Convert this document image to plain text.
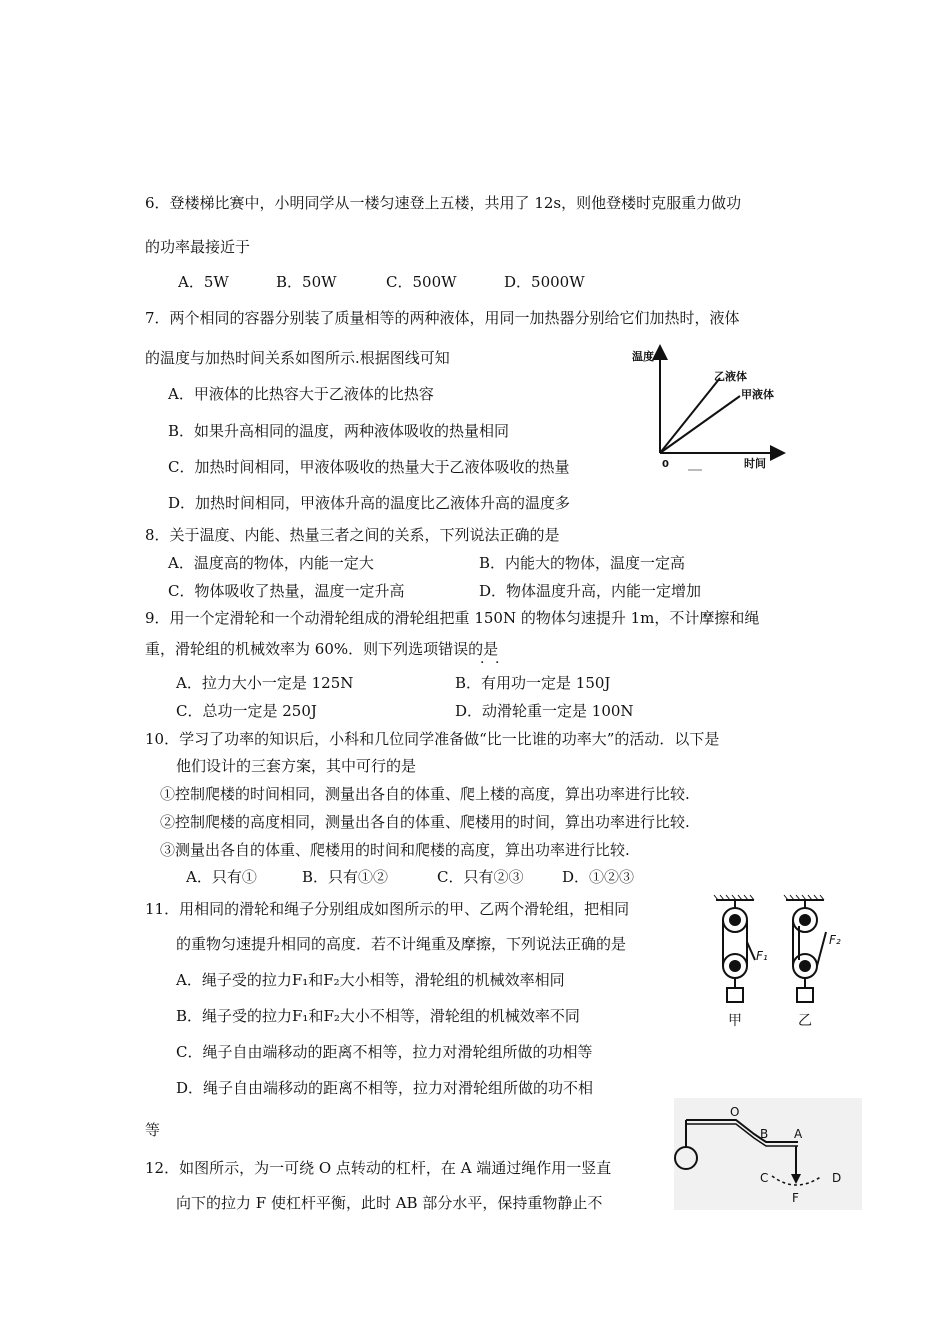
6．登楼梯比赛中，小明同学从一楼匀速登上五楼，共用了 12s，则他登楼时克服重力做功
的功率最接近于
A．5W	B．50W	C．500W	D．5000W
7．两个相同的容器分别装了质量相等的两种液体，用同一加热器分别给它们加热时，液体
的温度与加热时间关系如图所示.根据图线可知
A．甲液体的比热容大于乙液体的比热容
B．如果升高相同的温度，两种液体吸收的热量相同
C．加热时间相同，甲液体吸收的热量大于乙液体吸收的热量
D．加热时间相同，甲液体升高的温度比乙液体升高的温度多
温度
时间
0
乙液体
甲液体
8．关于温度、内能、热量三者之间的关系，下列说法正确的是
A．温度高的物体，内能一定大	B．内能大的物体，温度一定高
C．物体吸收了热量，温度一定升高	D．物体温度升高，内能一定增加
9．用一个定滑轮和一个动滑轮组成的滑轮组把重 150N 的物体匀速提升 1m，不计摩擦和绳
重，滑轮组的机械效率为 60%．则下列选项错误的是
· ·
A．拉力大小一定是 125N	B．有用功一定是 150J
C．总功一定是 250J	D．动滑轮重一定是 100N
10．学习了功率的知识后，小科和几位同学准备做“比一比谁的功率大”的活动．以下是
他们设计的三套方案，其中可行的是
①控制爬楼的时间相同，测量出各自的体重、爬上楼的高度，算出功率进行比较.
②控制爬楼的高度相同，测量出各自的体重、爬楼用的时间，算出功率进行比较.
③测量出各自的体重、爬楼用的时间和爬楼的高度，算出功率进行比较.
A．只有①	B．只有①②	C．只有②③	D．①②③
11．用相同的滑轮和绳子分别组成如图所示的甲、乙两个滑轮组，把相同
的重物匀速提升相同的高度．若不计绳重及摩擦，下列说法正确的是
A．绳子受的拉力F₁和F₂大小相等，滑轮组的机械效率相同
B．绳子受的拉力F₁和F₂大小不相等，滑轮组的机械效率不同
C．绳子自由端移动的距离不相等，拉力对滑轮组所做的功相等
D．绳子自由端移动的距离不相等，拉力对滑轮组所做的功不相
等
F₁
甲
F₂
乙
12．如图所示，为一可绕 O 点转动的杠杆，在 A 端通过绳作用一竖直
向下的拉力 F 使杠杆平衡，此时 AB 部分水平，保持重物静止不
O
B A
C	D
F
